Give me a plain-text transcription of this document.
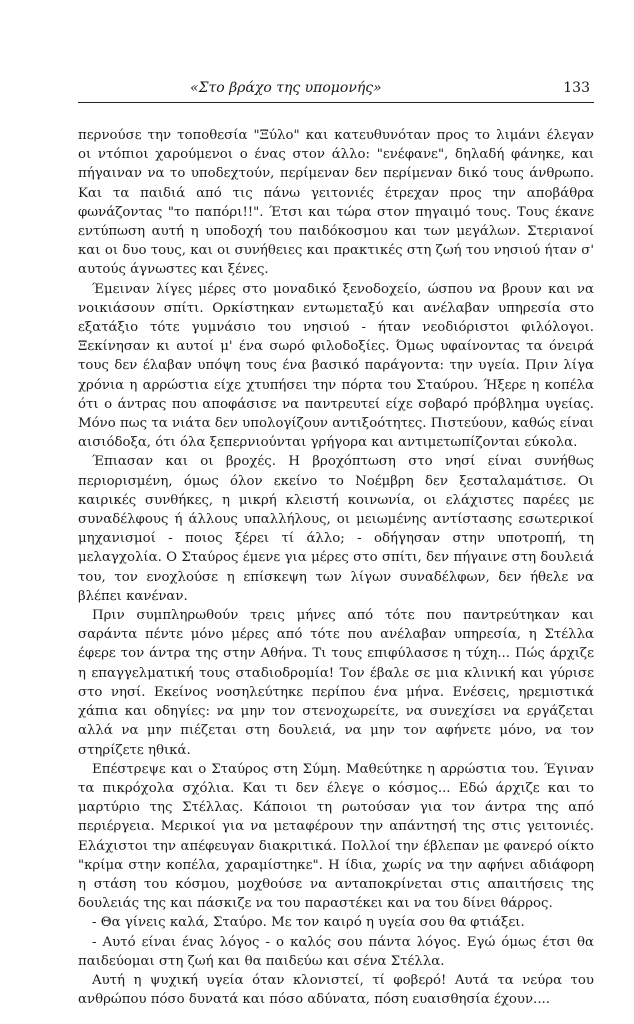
«Στο βράχο της υπομονής»	133

περνούσε την τοποθεσία "Ξύλο" και κατευθυνόταν προς το λιμάνι έλεγαν οι ντόπιοι χαρούμενοι ο ένας στον άλλο: "ενέφανε", δηλαδή φάνηκε, και πήγαιναν να το υποδεχτούν, περίμεναν δεν περίμεναν δικό τους άνθρωπο. Και τα παιδιά από τις πάνω γειτονιές έτρεχαν προς την αποβάθρα φωνάζοντας "το παπόρι!!". Έτσι και τώρα στον πηγαιμό τους. Τους έκανε εντύπωση αυτή η υποδοχή του παιδόκοσμου και των μεγάλων. Στεριανοί και οι δυο τους, και οι συνήθειες και πρακτικές στη ζωή του νησιού ήταν σ' αυτούς άγνωστες και ξένες.

Έμειναν λίγες μέρες στο μοναδικό ξενοδοχείο, ώσπου να βρουν και να νοικιάσουν σπίτι. Ορκίστηκαν εντωμεταξύ και ανέλαβαν υπηρεσία στο εξατάξιο τότε γυμνάσιο του νησιού - ήταν νεοδιόριστοι φιλόλογοι. Ξεκίνησαν κι αυτοί μ' ένα σωρό φιλοδοξίες. Όμως υφαίνοντας τα όνειρά τους δεν έλαβαν υπόψη τους ένα βασικό παράγοντα: την υγεία. Πριν λίγα χρόνια η αρρώστια είχε χτυπήσει την πόρτα του Σταύρου. Ήξερε η κοπέλα ότι ο άντρας που αποφάσισε να παντρευτεί είχε σοβαρό πρόβλημα υγείας. Μόνο πως τα νιάτα δεν υπολογίζουν αντιξοότητες. Πιστεύουν, καθώς είναι αισιόδοξα, ότι όλα ξεπερνιούνται γρήγορα και αντιμετωπίζονται εύκολα.

Έπιασαν και οι βροχές. Η βροχόπτωση στο νησί είναι συνήθως περιορισμένη, όμως όλον εκείνο το Νοέμβρη δεν ξεσταλαμάτισε. Οι καιρικές συνθήκες, η μικρή κλειστή κοινωνία, οι ελάχιστες παρέες με συναδέλφους ή άλλους υπαλλήλους, οι μειωμένης αντίστασης εσωτερικοί μηχανισμοί - ποιος ξέρει τί άλλο; - οδήγησαν στην υποτροπή, τη μελαγχολία. Ο Σταύρος έμενε για μέρες στο σπίτι, δεν πήγαινε στη δουλειά του, τον ενοχλούσε η επίσκεψη των λίγων συναδέλφων, δεν ήθελε να βλέπει κανέναν.

Πριν συμπληρωθούν τρεις μήνες από τότε που παντρεύτηκαν και σαράντα πέντε μόνο μέρες από τότε που ανέλαβαν υπηρεσία, η Στέλλα έφερε τον άντρα της στην Αθήνα. Τι τους επιφύλασσε η τύχη... Πώς άρχιζε η επαγγελματική τους σταδιοδρομία! Τον έβαλε σε μια κλινική και γύρισε στο νησί. Εκείνος νοσηλεύτηκε περίπου ένα μήνα. Ενέσεις, ηρεμιστικά χάπια και οδηγίες: να μην τον στενοχωρείτε, να συνεχίσει να εργάζεται αλλά να μην πιέζεται στη δουλειά, να μην τον αφήνετε μόνο, να τον στηρίζετε ηθικά.

Επέστρεψε και ο Σταύρος στη Σύμη. Μαθεύτηκε η αρρώστια του. Έγιναν τα πικρόχολα σχόλια. Και τι δεν έλεγε ο κόσμος... Εδώ άρχιζε και το μαρτύριο της Στέλλας. Κάποιοι τη ρωτούσαν για τον άντρα της από περιέργεια. Μερικοί για να μεταφέρουν την απάντησή της στις γειτονιές. Ελάχιστοι την απέφευγαν διακριτικά. Πολλοί την έβλεπαν με φανερό οίκτο "κρίμα στην κοπέλα, χαραμίστηκε". Η ίδια, χωρίς να την αφήνει αδιάφορη η στάση του κόσμου, μοχθούσε να ανταποκρίνεται στις απαιτήσεις της δουλειάς της και πάσκιζε να του παραστέκει και να του δίνει θάρρος.

- Θα γίνεις καλά, Σταύρο. Με τον καιρό η υγεία σου θα φτιάξει.

- Αυτό είναι ένας λόγος - ο καλός σου πάντα λόγος. Εγώ όμως έτσι θα παιδεύομαι στη ζωή και θα παιδεύω και σένα Στέλλα.

Αυτή η ψυχική υγεία όταν κλονιστεί, τί φοβερό! Αυτά τα νεύρα του ανθρώπου πόσο δυνατά και πόσο αδύνατα, πόση ευαισθησία έχουν....
